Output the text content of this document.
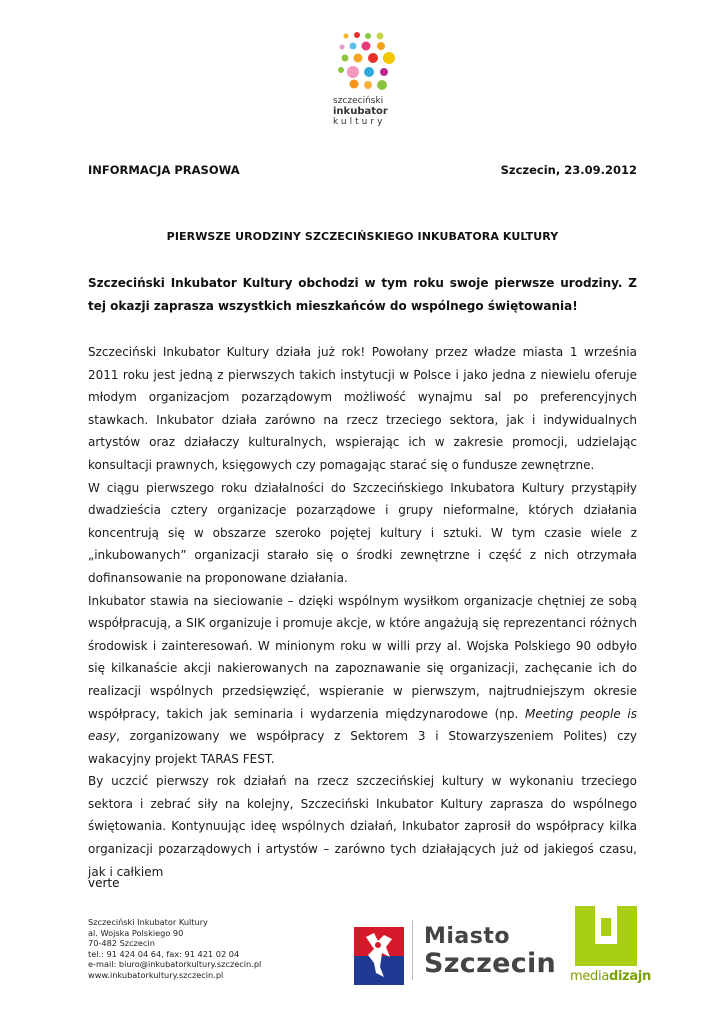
szczeciński
inkubator
kultury
INFORMACJA PRASOWA	Szczecin, 23.09.2012
PIERWSZE URODZINY SZCZECIŃSKIEGO INKUBATORA KULTURY
Szczeciński Inkubator Kultury obchodzi w tym roku swoje pierwsze urodziny. Z tej okazji zaprasza wszystkich mieszkańców do wspólnego świętowania!

Szczeciński Inkubator Kultury działa już rok! Powołany przez władze miasta 1 września 2011 roku jest jedną z pierwszych takich instytucji w Polsce i jako jedna z niewielu oferuje młodym organizacjom pozarządowym możliwość wynajmu sal po preferencyjnych stawkach. Inkubator działa zarówno na rzecz trzeciego sektora, jak i indywidualnych artystów oraz działaczy kulturalnych, wspierając ich w zakresie promocji, udzielając konsultacji prawnych, księgowych czy pomagając starać się o fundusze zewnętrzne.

W ciągu pierwszego roku działalności do Szczecińskiego Inkubatora Kultury przystąpiły dwadzieścia cztery organizacje pozarządowe i grupy nieformalne, których działania koncentrują się w obszarze szeroko pojętej kultury i sztuki. W tym czasie wiele z „inkubowanych” organizacji starało się o środki zewnętrzne i część z nich otrzymała dofinansowanie na proponowane działania.

Inkubator stawia na sieciowanie – dzięki wspólnym wysiłkom organizacje chętniej ze sobą współpracują, a SIK organizuje i promuje akcje, w które angażują się reprezentanci różnych środowisk i zainteresowań. W minionym roku w willi przy al. Wojska Polskiego 90 odbyło się kilkanaście akcji nakierowanych na zapoznawanie się organizacji, zachęcanie ich do realizacji wspólnych przedsięwzięć, wspieranie w pierwszym, najtrudniejszym okresie współpracy, takich jak seminaria i wydarzenia międzynarodowe (np. Meeting people is easy, zorganizowany we współpracy z Sektorem 3 i Stowarzyszeniem Polites) czy wakacyjny projekt TARAS FEST.

By uczcić pierwszy rok działań na rzecz szczecińskiej kultury w wykonaniu trzeciego sektora i zebrać siły na kolejny, Szczeciński Inkubator Kultury zaprasza do wspólnego świętowania. Kontynuując ideę wspólnych działań, Inkubator zaprosił do współpracy kilka organizacji pozarządowych i artystów – zarówno tych działających już od jakiegoś czasu, jak i całkiem

verte
Szczeciński Inkubator Kultury
al. Wojska Polskiego 90
70-482 Szczecin
tel.: 91 424 04 64, fax: 91 421 02 04
e-mail: biuro@inkubatorkultury.szczecin.pl
www.inkubatorkultury.szczecin.pl
Miasto
Szczecin mediadizajn
